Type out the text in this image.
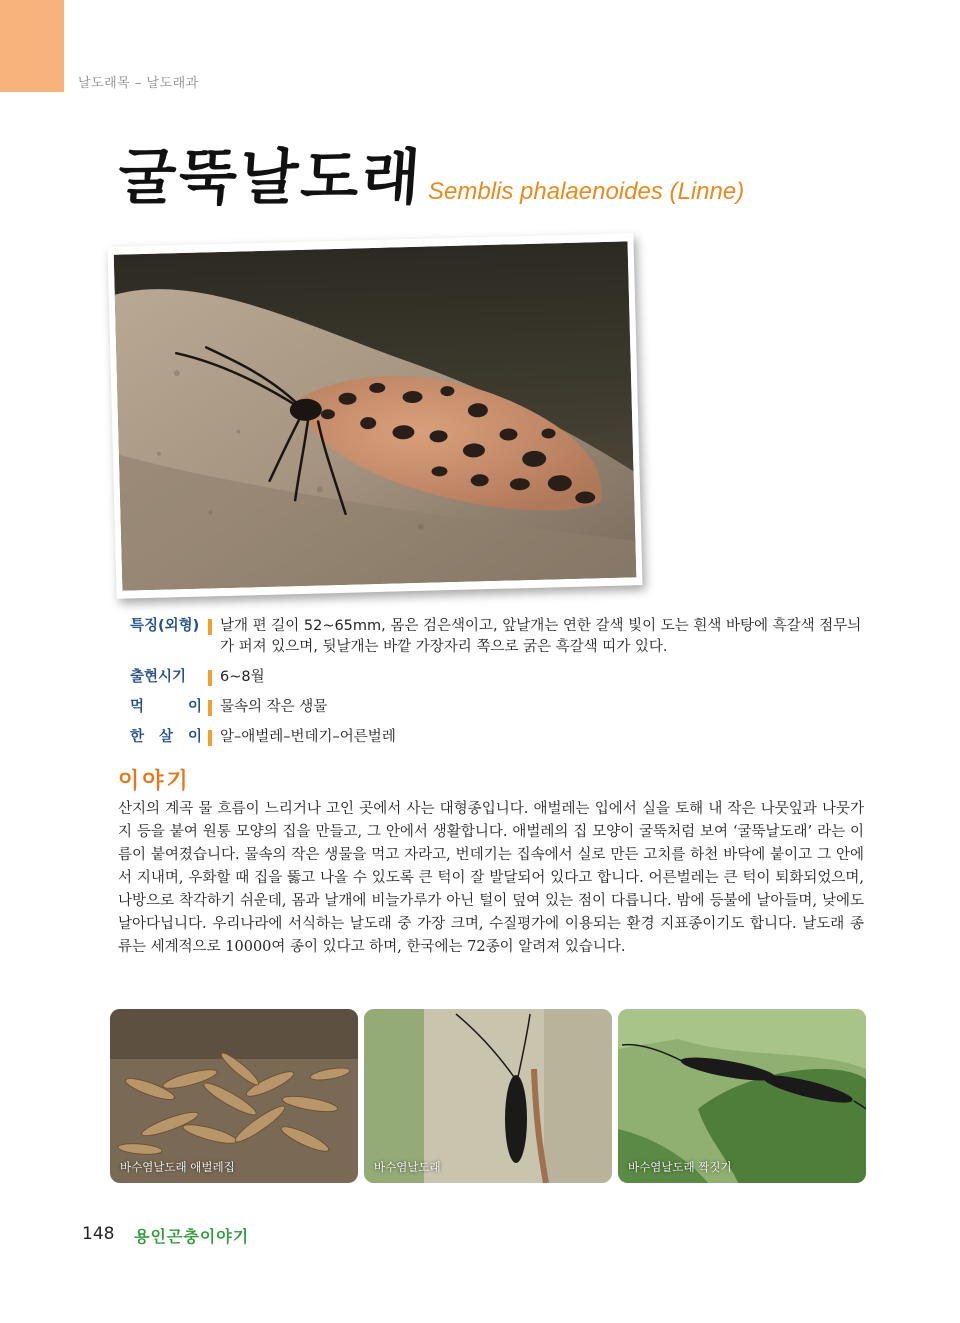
날도래목 – 날도래과
굴뚝날도래 Semblis phalaenoides (Linne)
특징(외형) 날개 편 길이 52~65mm, 몸은 검은색이고, 앞날개는 연한 갈색 빛이 도는 흰색 바탕에 흑갈색 점무늬가 퍼져 있으며, 뒷날개는 바깥 가장자리 쪽으로 굵은 흑갈색 띠가 있다.
출현시기	6~8월
먹 이 물속의 작은 생물
한 살 이 알–애벌레–번데기–어른벌레
이야기
산지의 계곡 물 흐름이 느리거나 고인 곳에서 사는 대형종입니다. 애벌레는 입에서 실을 토해 내 작은 나뭇잎과 나뭇가지 등을 붙여 원통 모양의 집을 만들고, 그 안에서 생활합니다. 애벌레의 집 모양이 굴뚝처럼 보여 ‘굴뚝날도래’ 라는 이름이 붙여졌습니다. 물속의 작은 생물을 먹고 자라고, 번데기는 집속에서 실로 만든 고치를 하천 바닥에 붙이고 그 안에서 지내며, 우화할 때 집을 뚫고 나올 수 있도록 큰 턱이 잘 발달되어 있다고 합니다. 어른벌레는 큰 턱이 퇴화되었으며, 나방으로 착각하기 쉬운데, 몸과 날개에 비늘가루가 아닌 털이 덮여 있는 점이 다릅니다. 밤에 등불에 날아들며, 낮에도 날아다닙니다. 우리나라에 서식하는 날도래 중 가장 크며, 수질평가에 이용되는 환경 지표종이기도 합니다. 날도래 종류는 세계적으로 10000여 종이 있다고 하며, 한국에는 72종이 알려져 있습니다.
바수염날도래 애벌레집	바수염날도래	바수염날도래 짝짓기
148 용인곤충이야기
